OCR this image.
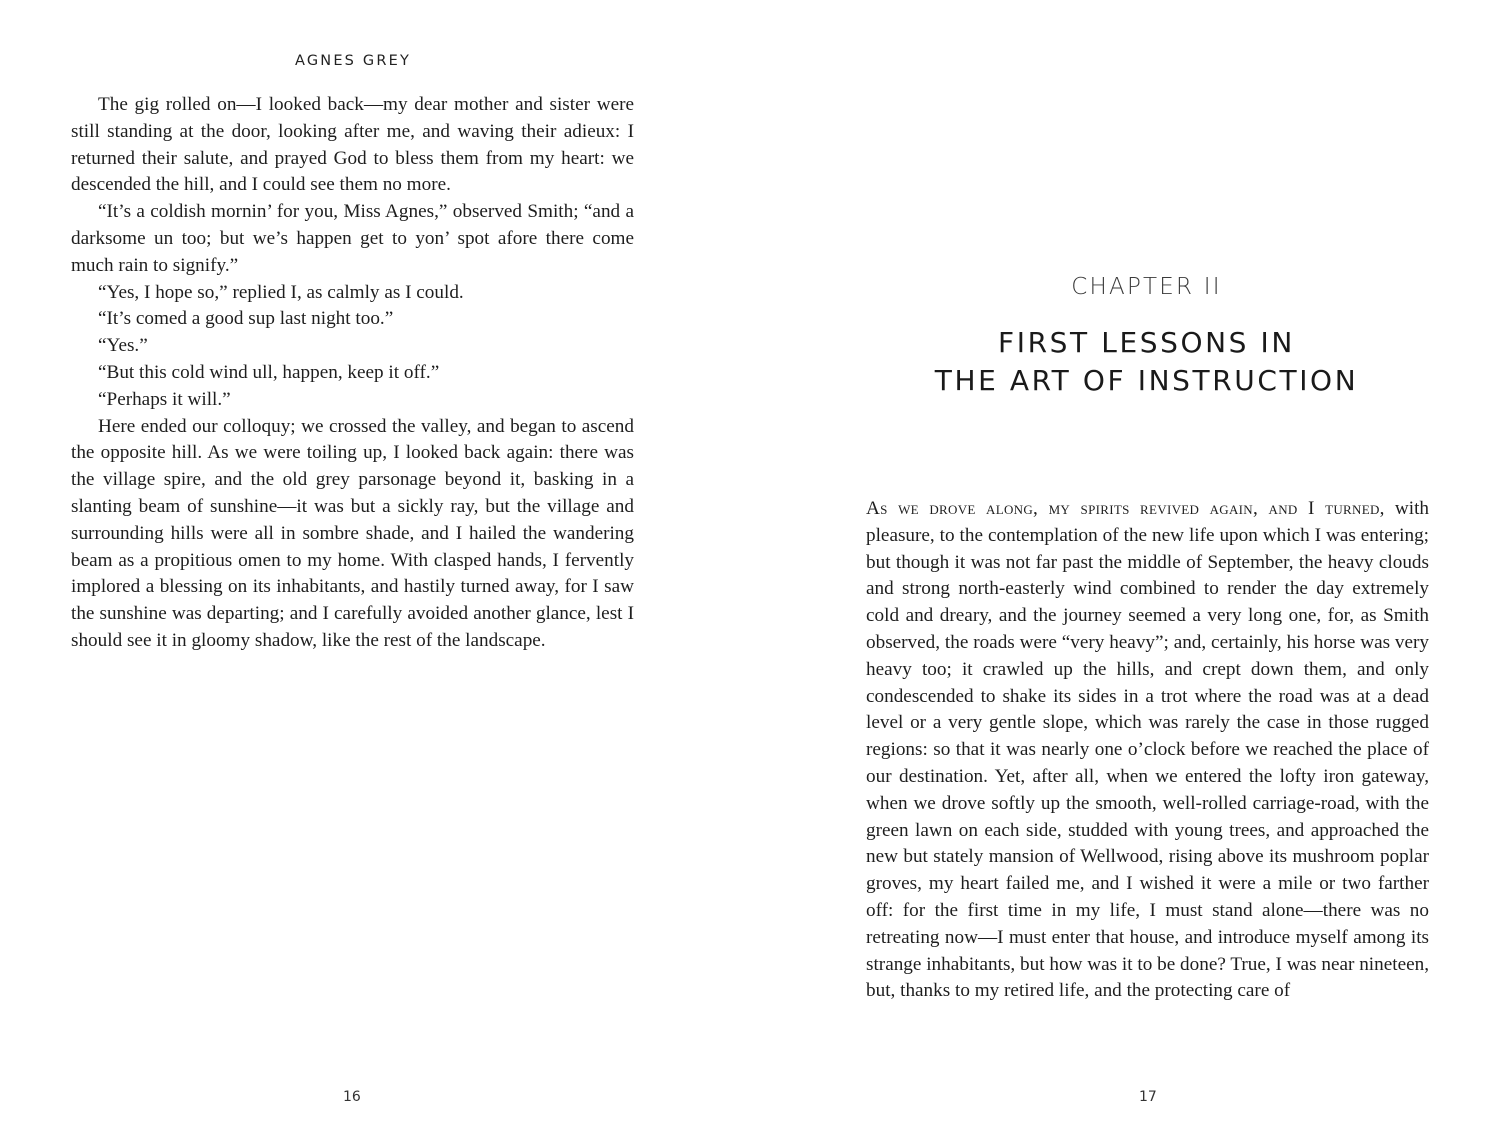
AGNES GREY

The gig rolled on—I looked back—my dear mother and sister were still standing at the door, looking after me, and waving their adieux: I returned their salute, and prayed God to bless them from my heart: we descended the hill, and I could see them no more.

“It’s a coldish mornin’ for you, Miss Agnes,” observed Smith; “and a darksome un too; but we’s happen get to yon’ spot afore there come much rain to signify.”

“Yes, I hope so,” replied I, as calmly as I could.

“It’s comed a good sup last night too.”

“Yes.”

“But this cold wind ull, happen, keep it off.”

“Perhaps it will.”

Here ended our colloquy; we crossed the valley, and began to ascend the opposite hill. As we were toiling up, I looked back again: there was the village spire, and the old grey parsonage beyond it, basking in a slanting beam of sunshine—it was but a sickly ray, but the village and surrounding hills were all in sombre shade, and I hailed the wandering beam as a propitious omen to my home. With clasped hands, I fervently implored a blessing on its inhabitants, and hastily turned away, for I saw the sunshine was departing; and I carefully avoided another glance, lest I should see it in gloomy shadow, like the rest of the landscape.

16
CHAPTER II
FIRST LESSONS IN
THE ART OF INSTRUCTION

As we drove along, my spirits revived again, and I turned, with pleasure, to the contemplation of the new life upon which I was entering; but though it was not far past the middle of September, the heavy clouds and strong north-easterly wind combined to render the day extremely cold and dreary, and the journey seemed a very long one, for, as Smith observed, the roads were “very heavy”; and, certainly, his horse was very heavy too; it crawled up the hills, and crept down them, and only condescended to shake its sides in a trot where the road was at a dead level or a very gentle slope, which was rarely the case in those rugged regions: so that it was nearly one o’clock before we reached the place of our destination. Yet, after all, when we entered the lofty iron gateway, when we drove softly up the smooth, well-rolled carriage-road, with the green lawn on each side, studded with young trees, and approached the new but stately mansion of Wellwood, rising above its mushroom poplar groves, my heart failed me, and I wished it were a mile or two farther off: for the first time in my life, I must stand alone—there was no retreating now—I must enter that house, and introduce myself among its strange inhabitants, but how was it to be done? True, I was near nineteen, but, thanks to my retired life, and the protecting care of

17
